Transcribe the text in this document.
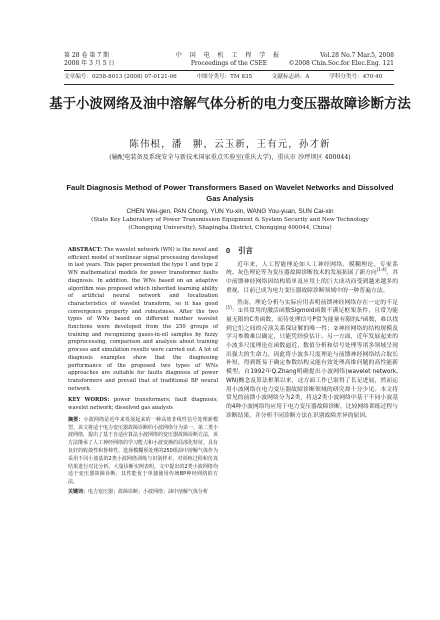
第 28 卷 第 7 期
2008 年 3 月 5 日
中 国 电 机 工 程 学 报
Proceedings of the CSEE
Vol.28 No.7 Mar.5, 2008
©2008 Chin.Soc.for Elec.Eng. 121
文章编号：0258-8013 (2008) 07-0121-06	中图分类号：TM 835	文献标志码：A	学科分类号：470·40
基于小波网络及油中溶解气体分析的电力变压器故障诊断方法
陈伟根，潘　翀，云玉新，王有元，孙才新
(输配电装备及系统安全与新技术国家重点实验室(重庆大学)，重庆市 沙坪坝区 400044)
Fault Diagnosis Method of Power Transformers Based on Wavelet Networks and Dissolved Gas Analysis
CHEN Wei-gen, PAN Chong, YUN Yu-xin, WANG You-yuan, SUN Cai-xin
(State Key Laboratory of Power Transmission Equipment & System Security and New Technology
(Chongqing University), Shapingba District, Chongqing 400044, China)

ABSTRACT: The wavelet network (WN) is the novel and efficient model of nonlinear signal processing developed in last years. This paper presented the type 1 and type 2 WN mathematical models for power transformer faults diagnosis. In addition, the WNs based on an adaptive algorithm was proposed which inherited learning ability of artificial neural network and localization characteristics of wavelet transform, so it has good convergence property and robustness. After the two types of WNs based on different mother wavelet functions were developed from the 250 groups of training and recognizing gases-in-oil samples by fuzzy preprocessing, comparison and analysis about training process and simulation results were carried out. A lot of diagnosis examples show that the diagnosing performance of the proposed two types of WNs approaches are suitable for faults diagnosis of power transformers and prevail that of traditional BP neural network.

KEY WORDS: power transformers; fault diagnosis; wavelet network; dissolved gas analysis

摘要：小波网络是近年来发展起来的一种高效非线性信号处理新模型。该文将适于电力变压器故障诊断的小波网络分为第一、第二类小波网络，提出了基于自适应算法小波网络的变压器故障诊断方法，该方法继承了人工神经网络的学习能力和小波变换的局部化特征，具有良好的收敛性和鲁棒性。选择模糊预处理的250组油中溶解气体作为采用不同小波基的2类小波网络训练与识别样本，对训练过程和仿真结果进行对比分析。大量诊断实例表明，文中提出的2类小波网络均适于变压器故障诊断，其性能优于单独使用传统BP神经网络的方法。

关键词：电力变压器；故障诊断；小波网络；油中溶解气体分析

0 引言

近年来，人工智能理论如人工神经网络、模糊理论、专家系统、灰色理论等为变压器故障诊断技术的发展拓展了新方向[1-4]，其中前馈神经网络因结构简单及应用上的巨大成功而受到越来越多的重视，目前已成为电力变压器故障诊断领域中的一种普遍方法。

然而，理论分析与实际应用表明前馈神经网络存在一定的不足[5]：①其常用的激活函数Sigmoid函数不满足框架条件，且常为能量无限的C类函数，而待处理信号P常为能量有限的L²函数，难以找到它们之间的反演关系保证解的唯一性；②神经网络的结构规模及学习参数难以确定，只能凭经验估计。另一方面，近年发展起来的小波多尺度理论在函数逼近、数值分析和信号处理等诸多领域呈现出强大的生命力。因此将小波多尺度理论与前馈神经网络结合取长补短，得到既易于确定参数结构又能有效处理高维问题的高性能新模型。自1992年Q.Zhang明确提出小波网络(wavelet network, WN)概念及算法框架以来，这方面工作已取得了长足进展，然而运用小波网络在电力变压器故障诊断领域的研究却十分少见。本文将常见的前馈小波网络分为2类，将这2类小波网络中基于不同小波基的4种小波网络均应用于电力变压器故障诊断，比较网络训练过程与诊断结果，并分析不同诊断方法在识别故障差异的原因。
